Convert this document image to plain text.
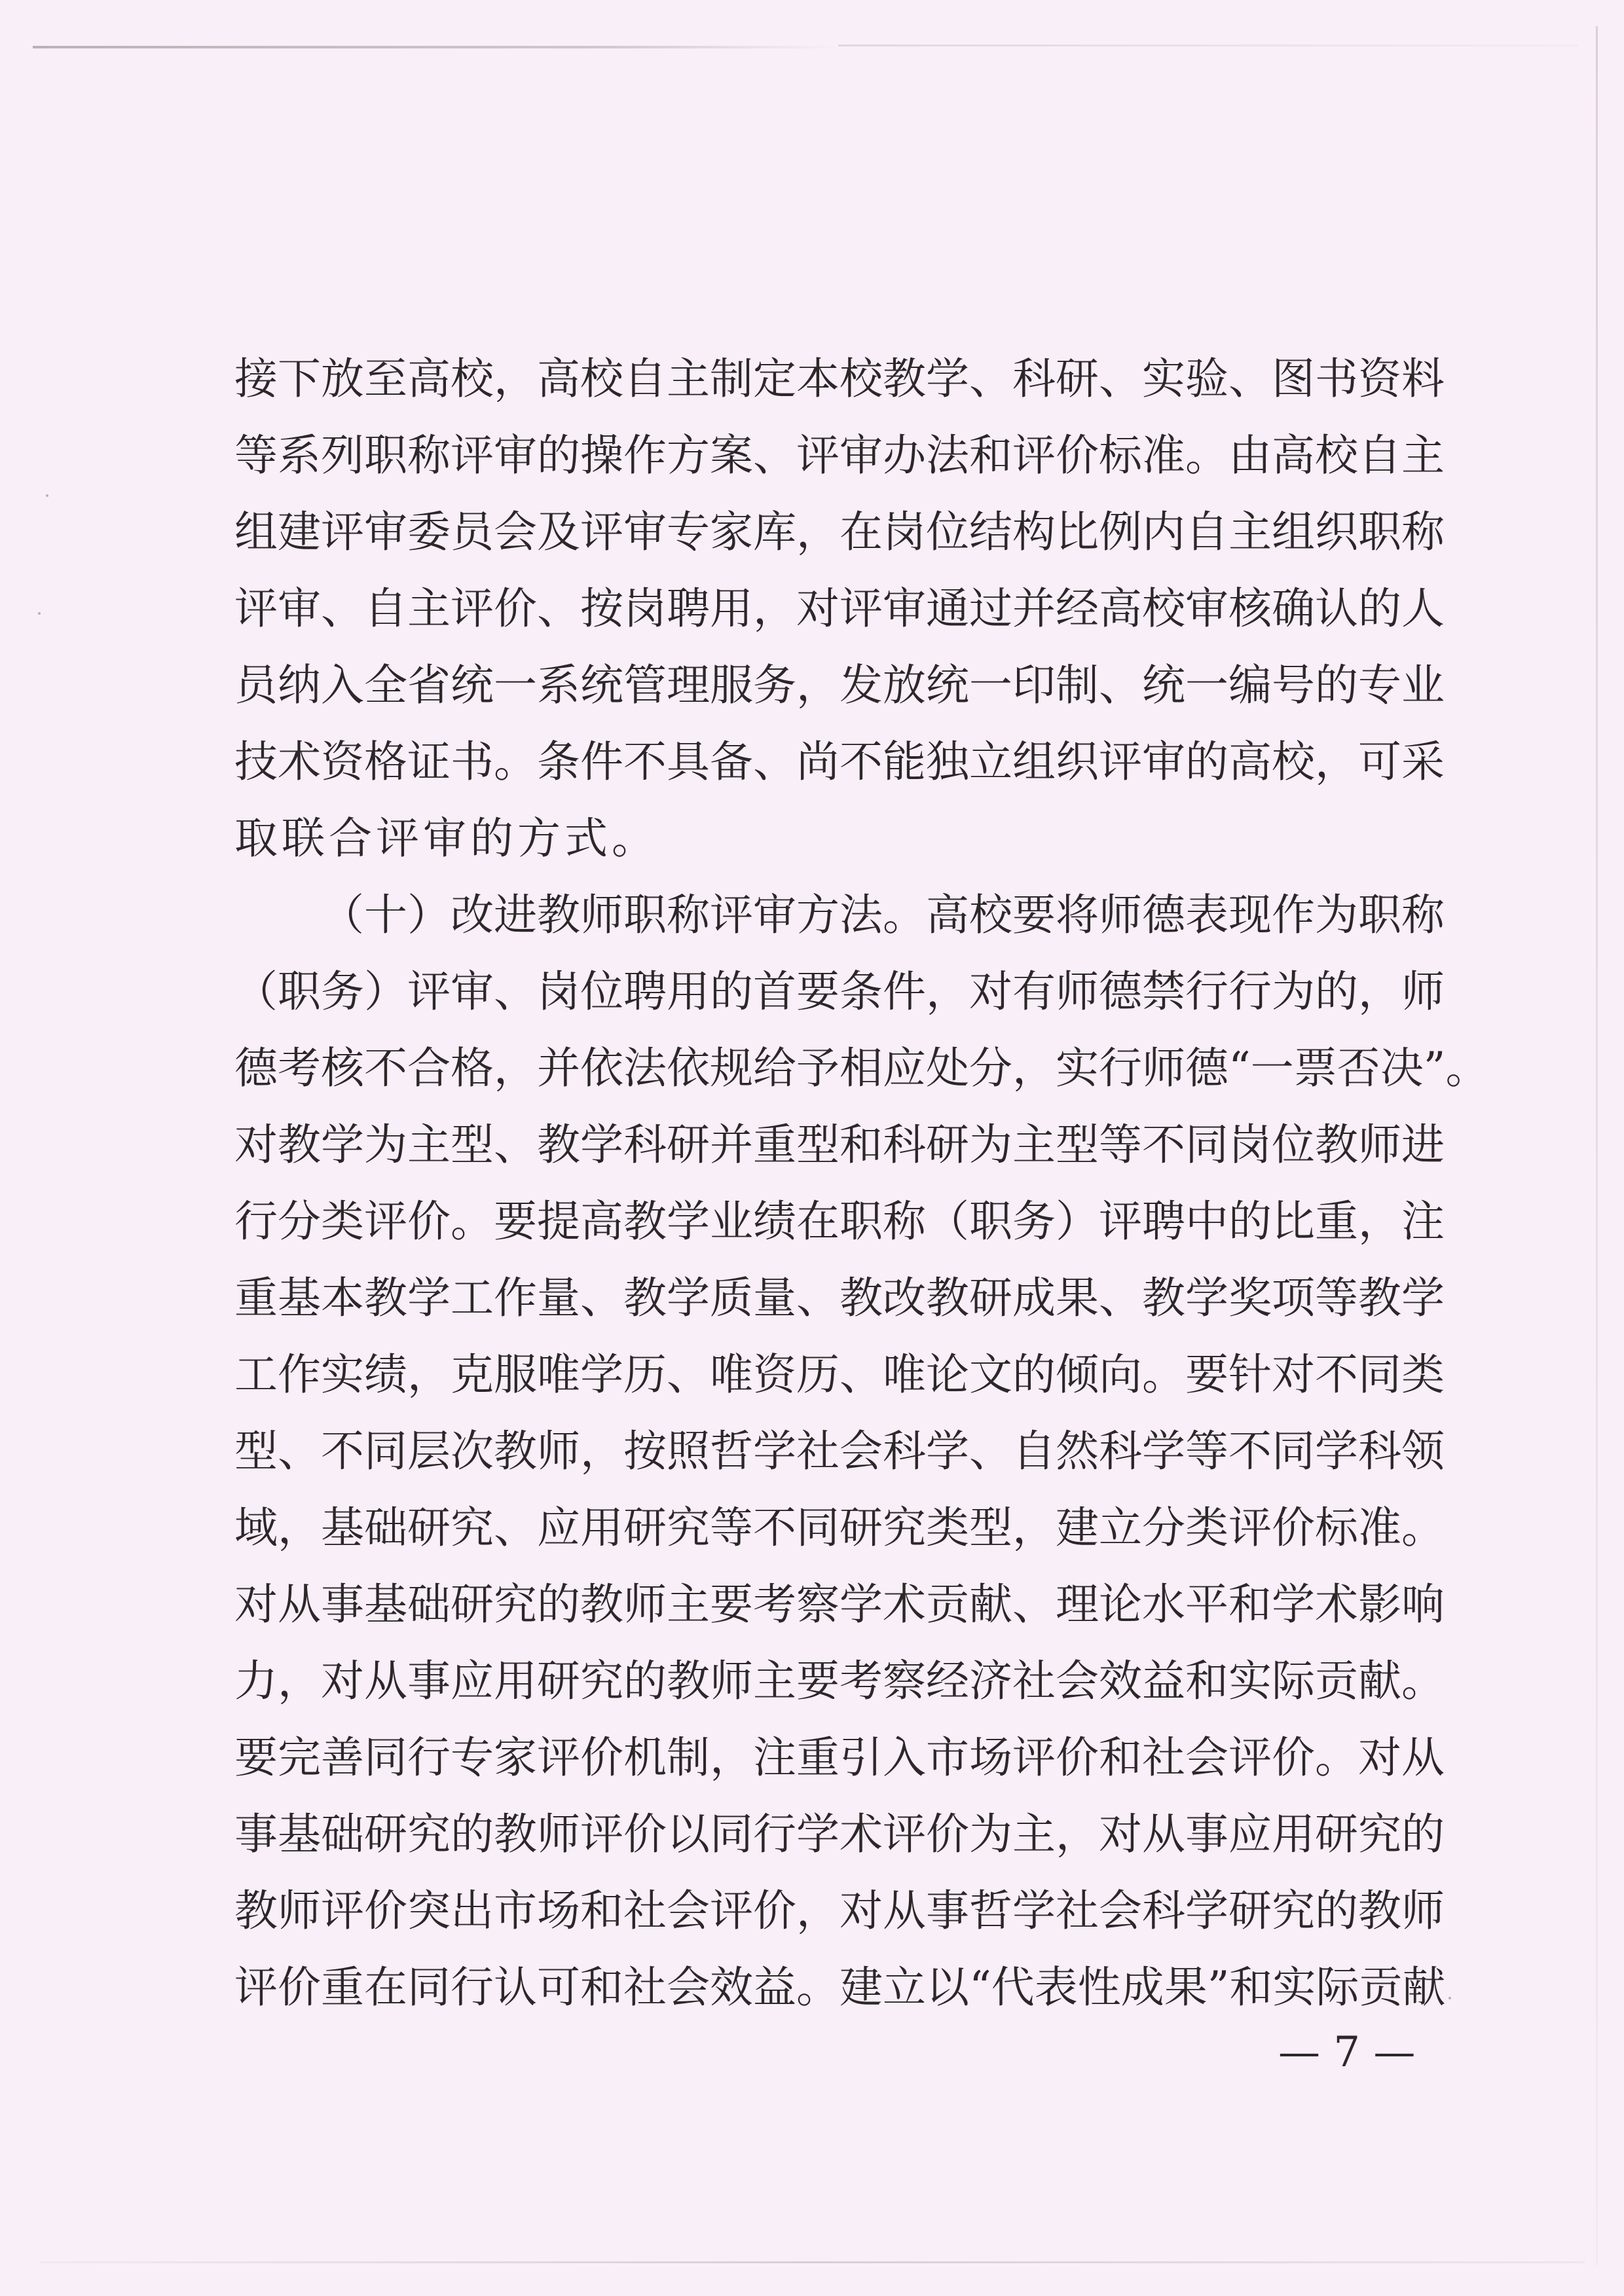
接下放至高校，高校自主制定本校教学、科研、实验、图书资料
等系列职称评审的操作方案、评审办法和评价标准。由高校自主
组建评审委员会及评审专家库，在岗位结构比例内自主组织职称
评审、自主评价、按岗聘用，对评审通过并经高校审核确认的人
员纳入全省统一系统管理服务，发放统一印制、统一编号的专业
技术资格证书。条件不具备、尚不能独立组织评审的高校，可采
取联合评审的方式。
（十）改进教师职称评审方法。高校要将师德表现作为职称
（职务）评审、岗位聘用的首要条件，对有师德禁行行为的，师
德考核不合格，并依法依规给予相应处分，实行师德“一票否决”。
对教学为主型、教学科研并重型和科研为主型等不同岗位教师进
行分类评价。要提高教学业绩在职称（职务）评聘中的比重，注
重基本教学工作量、教学质量、教改教研成果、教学奖项等教学
工作实绩，克服唯学历、唯资历、唯论文的倾向。要针对不同类
型、不同层次教师，按照哲学社会科学、自然科学等不同学科领
域，基础研究、应用研究等不同研究类型，建立分类评价标准。
对从事基础研究的教师主要考察学术贡献、理论水平和学术影响
力，对从事应用研究的教师主要考察经济社会效益和实际贡献。
要完善同行专家评价机制，注重引入市场评价和社会评价。对从
事基础研究的教师评价以同行学术评价为主，对从事应用研究的
教师评价突出市场和社会评价，对从事哲学社会科学研究的教师
评价重在同行认可和社会效益。建立以“代表性成果”和实际贡献
— 7 —
